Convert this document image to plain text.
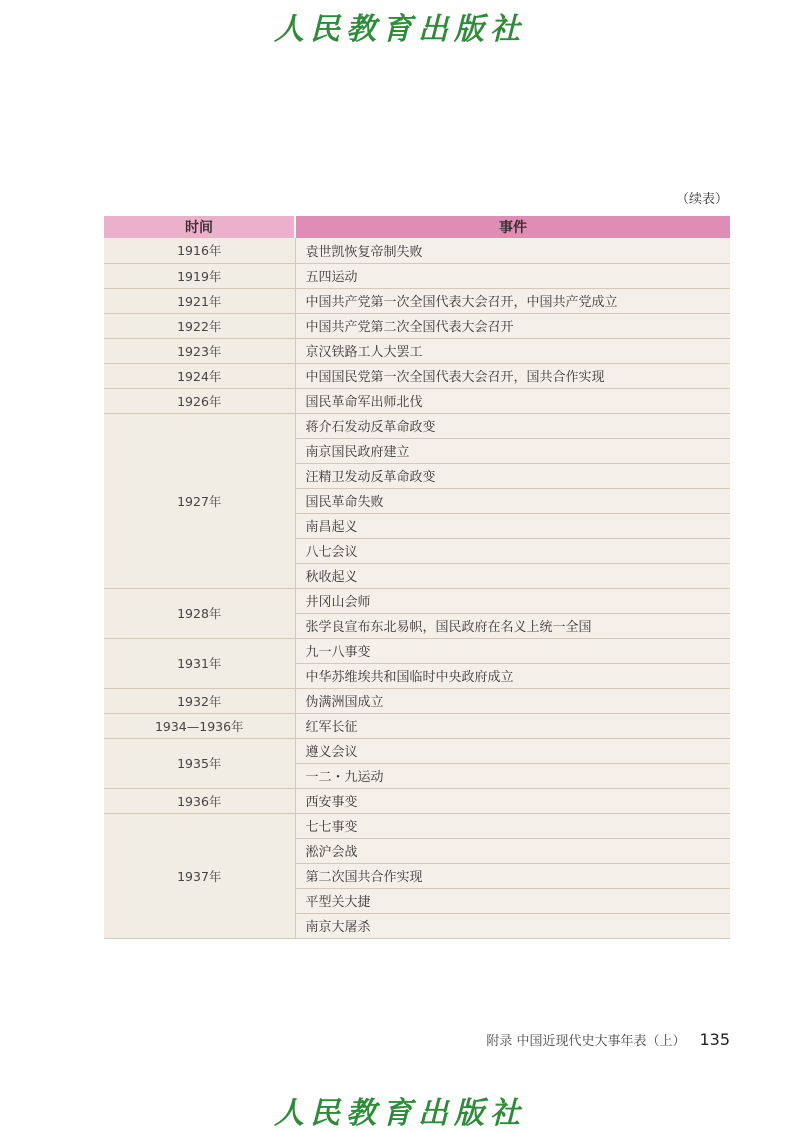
人民教育出版社
（续表）
时间	事件
1916年	袁世凯恢复帝制失败
1919年	五四运动
1921年	中国共产党第一次全国代表大会召开，中国共产党成立
1922年	中国共产党第二次全国代表大会召开
1923年	京汉铁路工人大罢工
1924年	中国国民党第一次全国代表大会召开，国共合作实现
1926年	国民革命军出师北伐
1927年	蒋介石发动反革命政变
	南京国民政府建立
	汪精卫发动反革命政变
	国民革命失败
	南昌起义
	八七会议
	秋收起义
1928年	井冈山会师
	张学良宣布东北易帜，国民政府在名义上统一全国
1931年	九一八事变
	中华苏维埃共和国临时中央政府成立
1932年	伪满洲国成立
1934—1936年	红军长征
1935年	遵义会议
	一二・九运动
1936年	西安事变
1937年	七七事变
	淞沪会战
	第二次国共合作实现
	平型关大捷
	南京大屠杀
附录 中国近现代史大事年表（上） 135
人民教育出版社
